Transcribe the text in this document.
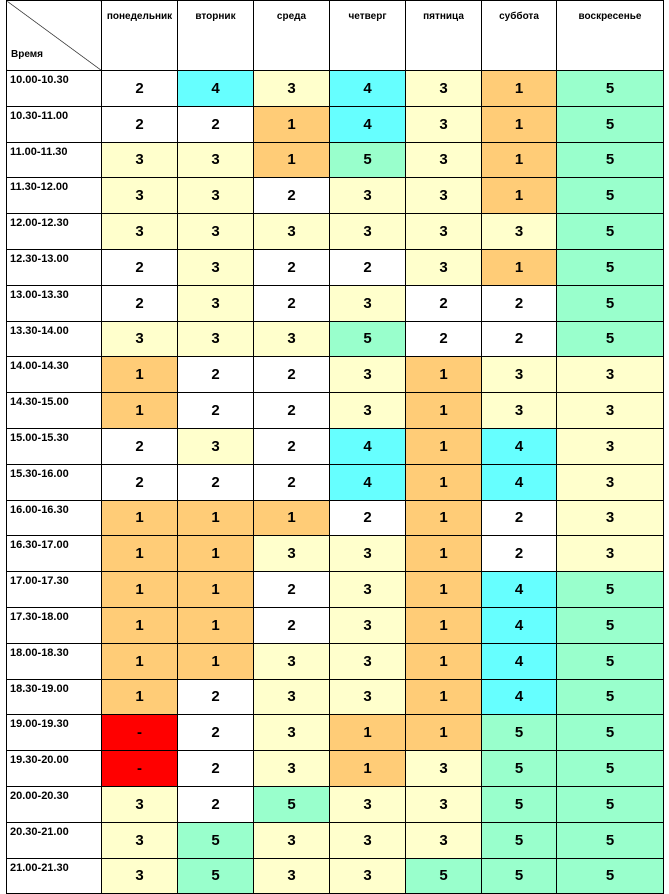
Время	понедельник	вторник	среда	четверг	пятница	суббота	воскресенье
10.00-10.30	2	4	3	4	3	1	5
10.30-11.00	2	2	1	4	3	1	5
11.00-11.30	3	3	1	5	3	1	5
11.30-12.00	3	3	2	3	3	1	5
12.00-12.30	3	3	3	3	3	3	5
12.30-13.00	2	3	2	2	3	1	5
13.00-13.30	2	3	2	3	2	2	5
13.30-14.00	3	3	3	5	2	2	5
14.00-14.30	1	2	2	3	1	3	3
14.30-15.00	1	2	2	3	1	3	3
15.00-15.30	2	3	2	4	1	4	3
15.30-16.00	2	2	2	4	1	4	3
16.00-16.30	1	1	1	2	1	2	3
16.30-17.00	1	1	3	3	1	2	3
17.00-17.30	1	1	2	3	1	4	5
17.30-18.00	1	1	2	3	1	4	5
18.00-18.30	1	1	3	3	1	4	5
18.30-19.00	1	2	3	3	1	4	5
19.00-19.30	-	2	3	1	1	5	5
19.30-20.00	-	2	3	1	3	5	5
20.00-20.30	3	2	5	3	3	5	5
20.30-21.00	3	5	3	3	3	5	5
21.00-21.30	3	5	3	3	5	5	5
